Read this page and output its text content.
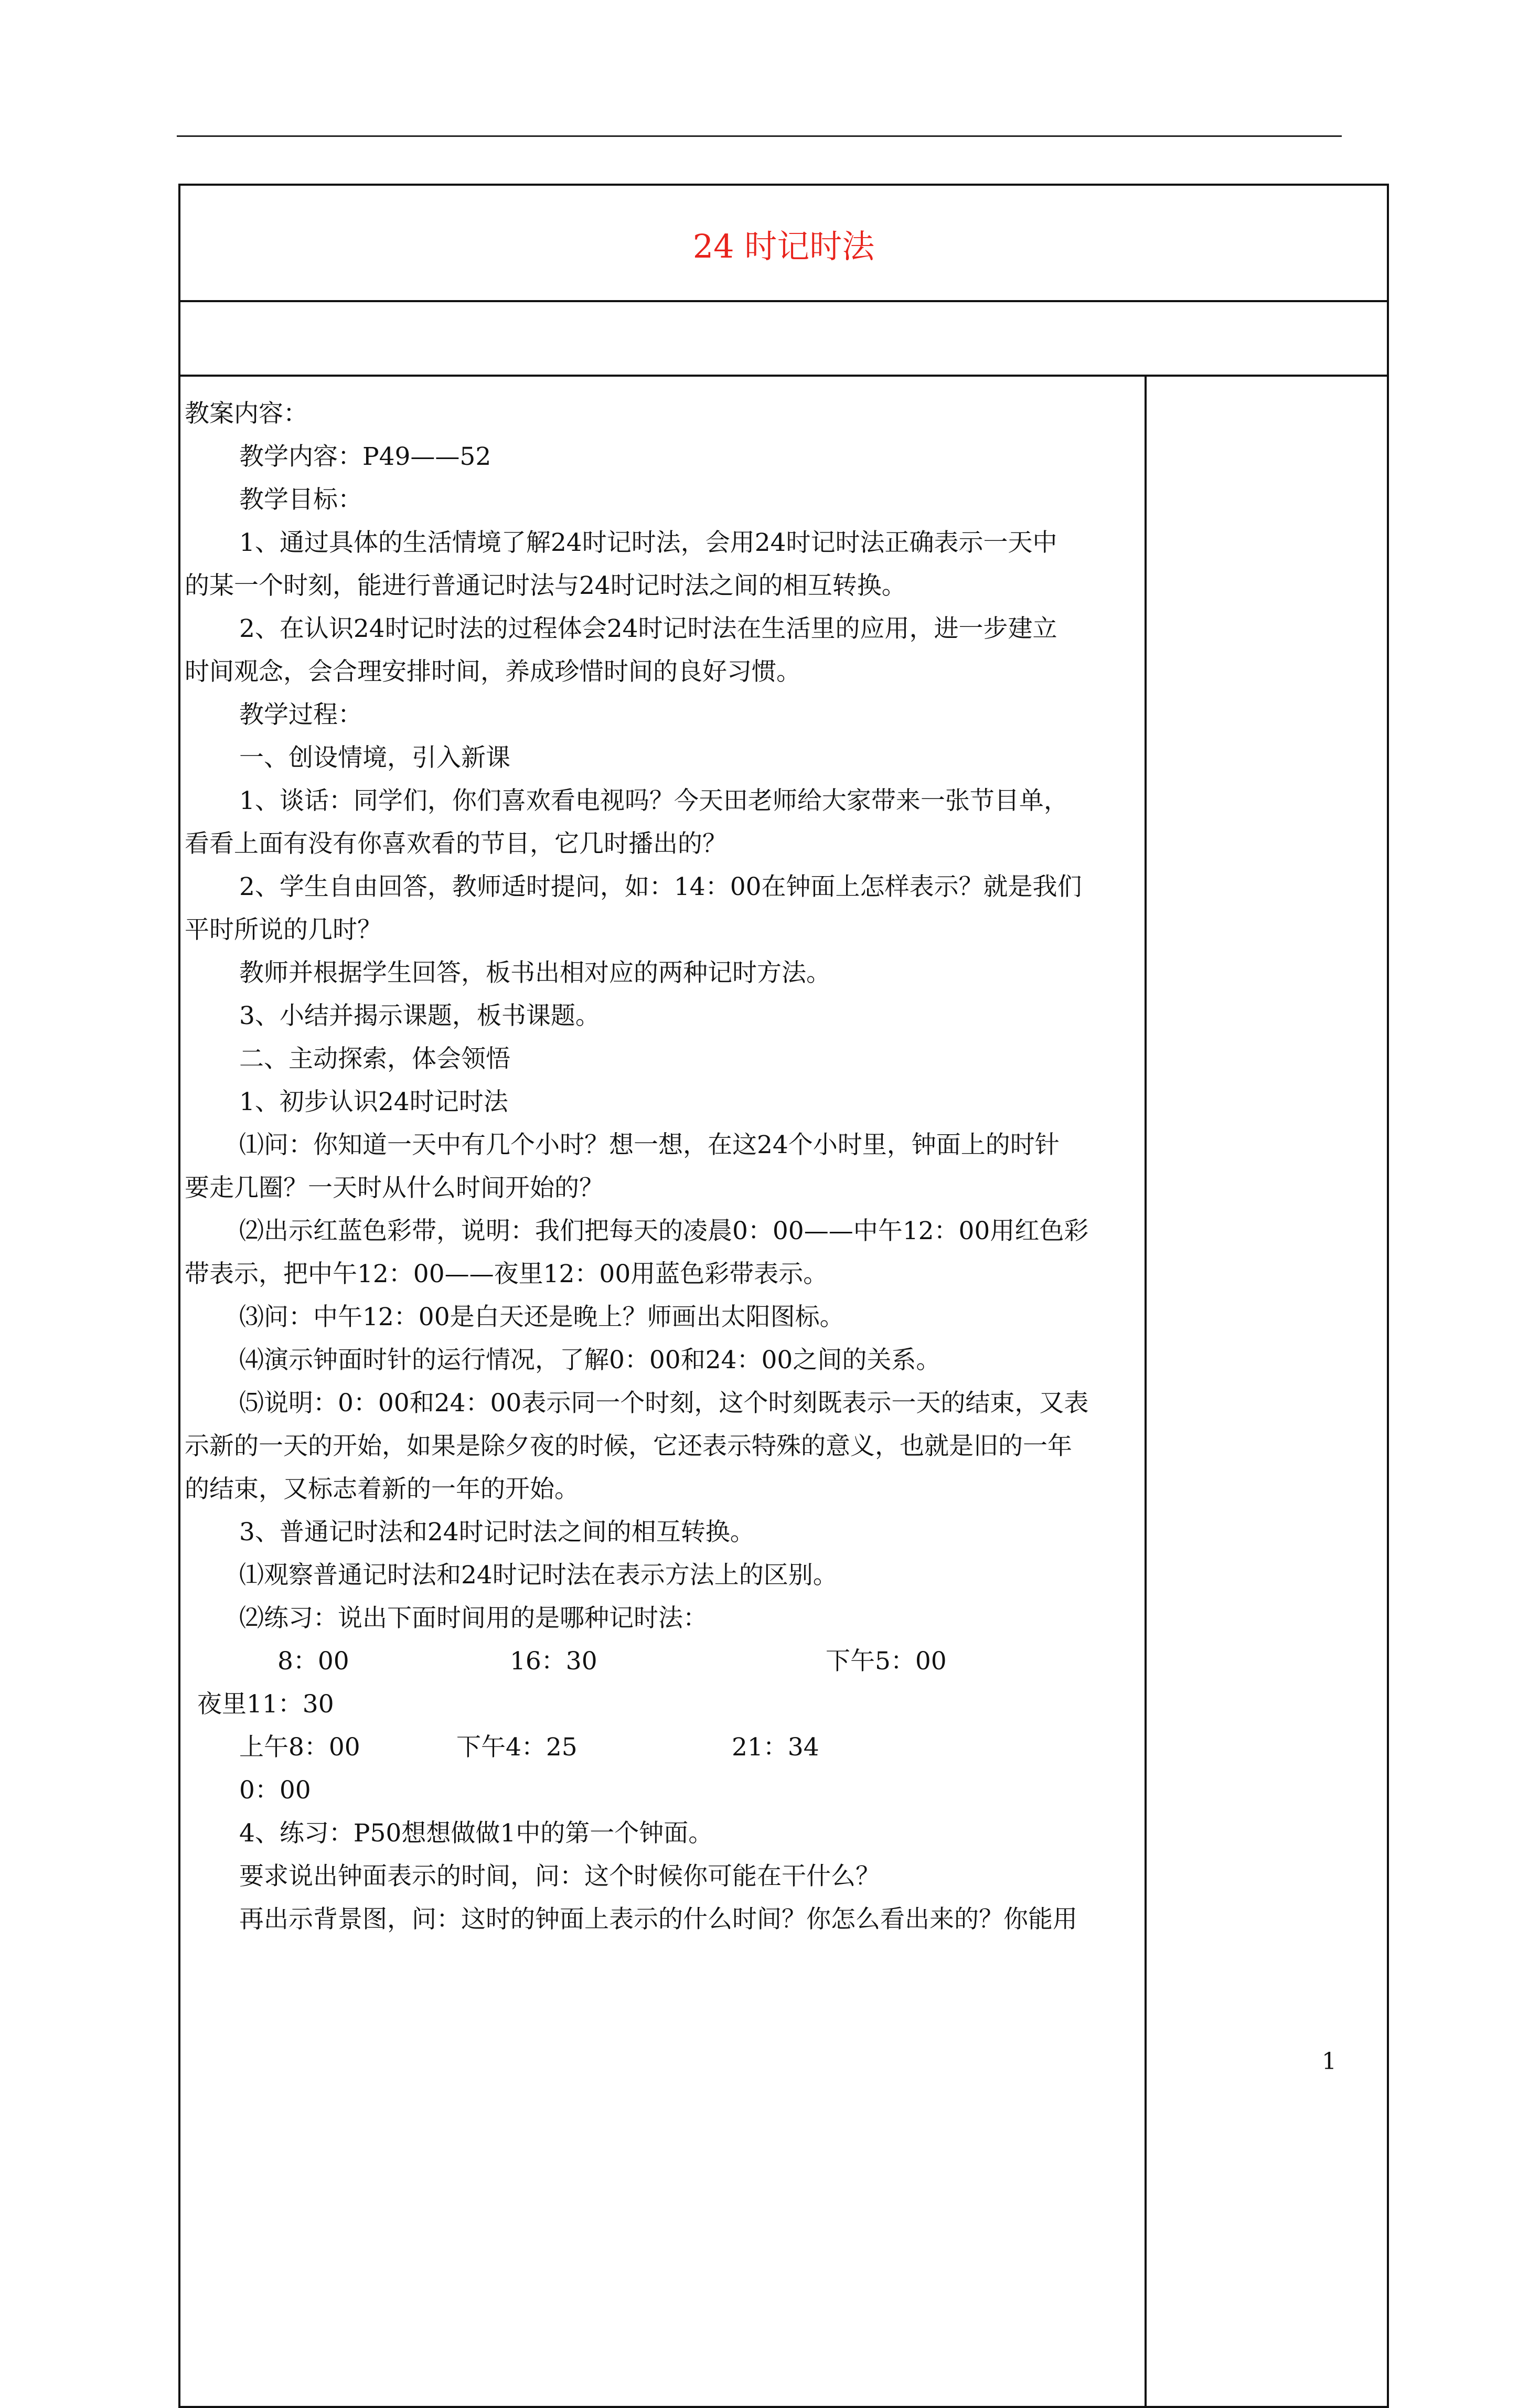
24 时记时法

教案内容：

教学内容：P49——52

教学目标：

1、通过具体的生活情境了解24时记时法，会用24时记时法正确表示一天中

的某一个时刻，能进行普通记时法与24时记时法之间的相互转换。

2、在认识24时记时法的过程体会24时记时法在生活里的应用，进一步建立

时间观念，会合理安排时间，养成珍惜时间的良好习惯。

教学过程：

一、创设情境，引入新课

1、谈话：同学们，你们喜欢看电视吗？今天田老师给大家带来一张节目单，

看看上面有没有你喜欢看的节目，它几时播出的？

2、学生自由回答，教师适时提问，如：14：00在钟面上怎样表示？就是我们

平时所说的几时？

教师并根据学生回答，板书出相对应的两种记时方法。

3、小结并揭示课题，板书课题。

二、主动探索，体会领悟

1、初步认识24时记时法

⑴问：你知道一天中有几个小时？想一想，在这24个小时里，钟面上的时针

要走几圈？一天时从什么时间开始的？

⑵出示红蓝色彩带，说明：我们把每天的凌晨0：00——中午12：00用红色彩

带表示，把中午12：00——夜里12：00用蓝色彩带表示。

⑶问：中午12：00是白天还是晚上？师画出太阳图标。

⑷演示钟面时针的运行情况，了解0：00和24：00之间的关系。

⑸说明：0：00和24：00表示同一个时刻，这个时刻既表示一天的结束，又表

示新的一天的开始，如果是除夕夜的时候，它还表示特殊的意义，也就是旧的一年

的结束，又标志着新的一年的开始。

3、普通记时法和24时记时法之间的相互转换。

⑴观察普通记时法和24时记时法在表示方法上的区别。

⑵练习：说出下面时间用的是哪种记时法：

8：00	16：30	下午5：00
夜里11：30
上午8：00	下午4：25	21：34
0：00

4、练习：P50想想做做1中的第一个钟面。

要求说出钟面表示的时间，问：这个时候你可能在干什么？

再出示背景图，问：这时的钟面上表示的什么时间？你怎么看出来的？你能用

1
